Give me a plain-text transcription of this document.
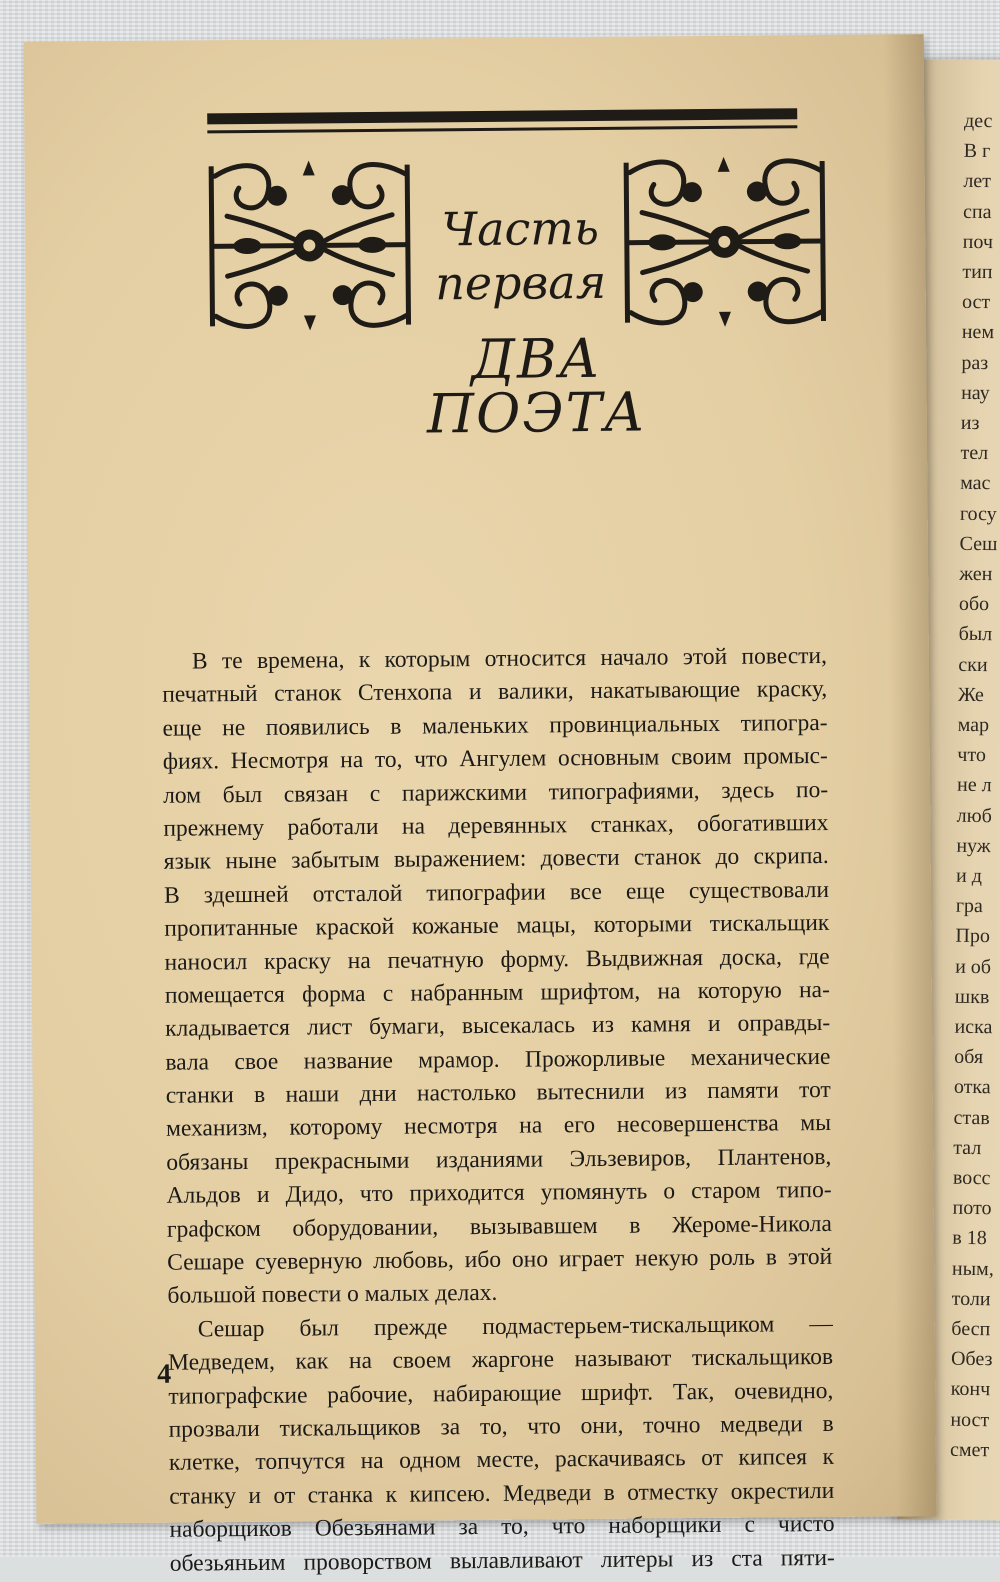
дес
В г
лет
спа
поч
тип
ост
нем
раз
нау
из
тел
мас
госу
Сеш
жен
обо
был
ски
Же
мар
что
не л
люб
нуж
и д
гра
Про
и об
шкв
иска
обя
отка
став
тал
восс
пото
в 18
ным,
толи
бесп
Обез
конч
ност
смет
Часть
первая
ДВА ПОЭТА
В те времена, к которым относится начало этой повести,
печатный станок Стенхопа и валики, накатывающие краску,
еще не появились в маленьких провинциальных типогра-
фиях. Несмотря на то, что Ангулем основным своим промыс-
лом был связан с парижскими типографиями, здесь по-
прежнему работали на деревянных станках, обогативших
язык ныне забытым выражением: довести станок до скрипа.
В здешней отсталой типографии все еще существовали
пропитанные краской кожаные мацы, которыми тискальщик
наносил краску на печатную форму. Выдвижная доска, где
помещается форма с набранным шрифтом, на которую на-
кладывается лист бумаги, высекалась из камня и оправды-
вала свое название мрамор. Прожорливые механические
станки в наши дни настолько вытеснили из памяти тот
механизм, которому несмотря на его несовершенства мы
обязаны прекрасными изданиями Эльзевиров, Плантенов,
Альдов и Дидо, что приходится упомянуть о старом типо-
графском оборудовании, вызывавшем в Жероме-Никола
Сешаре суеверную любовь, ибо оно играет некую роль в этой
большой повести о малых делах.
Сешар был прежде подмастерьем-тискальщиком —
Медведем, как на своем жаргоне называют тискальщиков
типографские рабочие, набирающие шрифт. Так, очевидно,
прозвали тискальщиков за то, что они, точно медведи в
клетке, топчутся на одном месте, раскачиваясь от кипсея к
станку и от станка к кипсею. Медведи в отместку окрестили
наборщиков Обезьянами за то, что наборщики с чисто
обезьяньим проворством вылавливают литеры из ста пяти-
4
